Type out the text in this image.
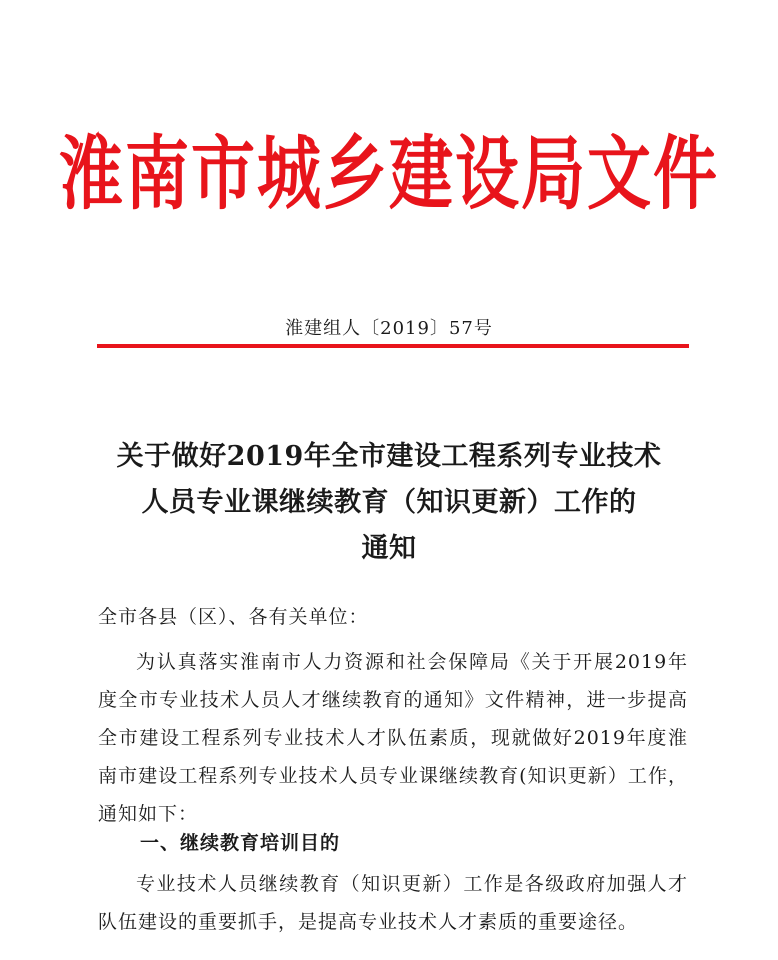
淮南市城乡建设局文件
淮建组人〔2019〕57号
关于做好2019年全市建设工程系列专业技术
人员专业课继续教育（知识更新）工作的
通知
全市各县（区）、各有关单位：
为认真落实淮南市人力资源和社会保障局《关于开展2019年度全市专业技术人员人才继续教育的通知》文件精神，进一步提高全市建设工程系列专业技术人才队伍素质，现就做好2019年度淮南市建设工程系列专业技术人员专业课继续教育(知识更新）工作，通知如下：
一、继续教育培训目的
专业技术人员继续教育（知识更新）工作是各级政府加强人才队伍建设的重要抓手，是提高专业技术人才素质的重要途径。
